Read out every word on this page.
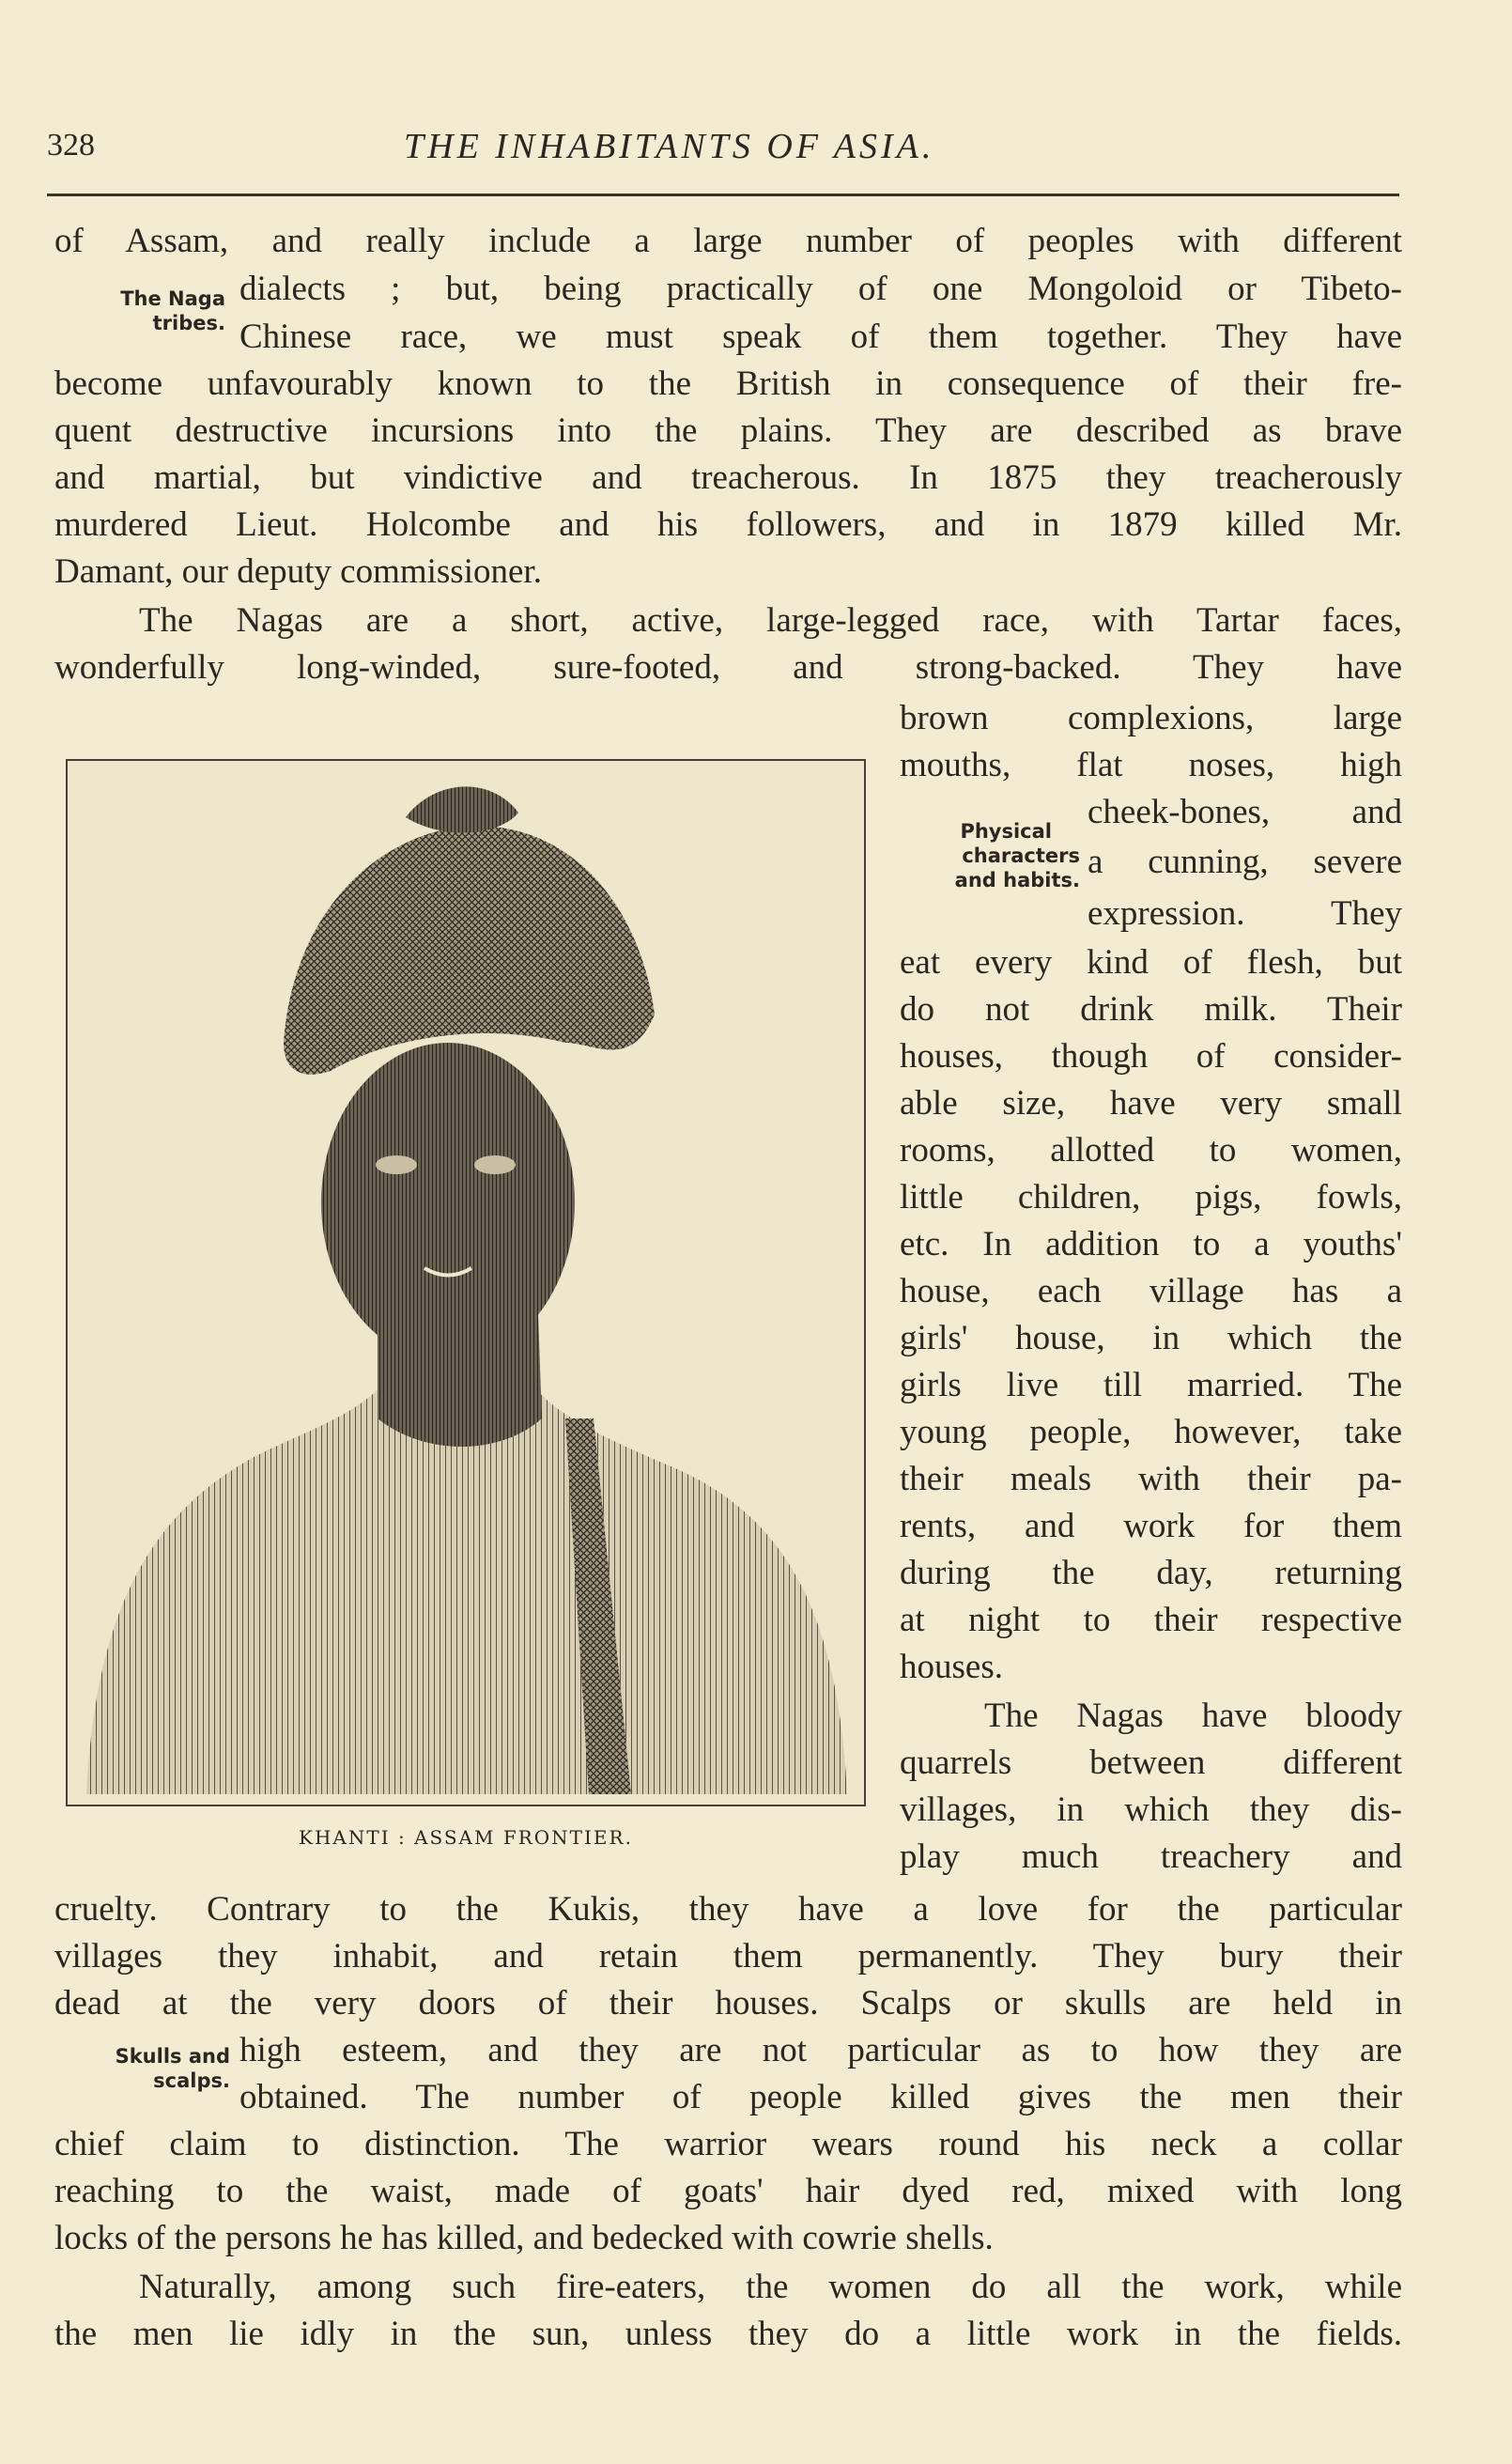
328	THE INHABITANTS OF ASIA.
of Assam, and really include a large number of peoples with different
dialects ; but, being practically of one Mongoloid or Tibeto-
Chinese race, we must speak of them together. They have
become unfavourably known to the British in consequence of their fre-
quent destructive incursions into the plains. They are described as brave
and martial, but vindictive and treacherous. In 1875 they treacherously
murdered Lieut. Holcombe and his followers, and in 1879 killed Mr.
Damant, our deputy commissioner.
The Nagas are a short, active, large-legged race, with Tartar faces,
wonderfully long-winded, sure-footed, and strong-backed. They have
The Naga
tribes.
brown complexions, large
mouths, flat noses, high
cheek-bones, and
a cunning, severe
expression. They
eat every kind of flesh, but
do not drink milk. Their
houses, though of consider-
able size, have very small
rooms, allotted to women,
little children, pigs, fowls,
etc. In addition to a youths'
house, each village has a
girls' house, in which the
girls live till married. The
young people, however, take
their meals with their pa-
rents, and work for them
during the day, returning
at night to their respective
houses.
The Nagas have bloody
quarrels between different
villages, in which they dis-
play much treachery and
Physical
characters
and habits.
KHANTI : ASSAM FRONTIER.
cruelty. Contrary to the Kukis, they have a love for the particular
villages they inhabit, and retain them permanently. They bury their
dead at the very doors of their houses. Scalps or skulls are held in
high esteem, and they are not particular as to how they are
obtained. The number of people killed gives the men their
chief claim to distinction. The warrior wears round his neck a collar
reaching to the waist, made of goats' hair dyed red, mixed with long
locks of the persons he has killed, and bedecked with cowrie shells.
Naturally, among such fire-eaters, the women do all the work, while
the men lie idly in the sun, unless they do a little work in the fields.
Skulls and
scalps.
